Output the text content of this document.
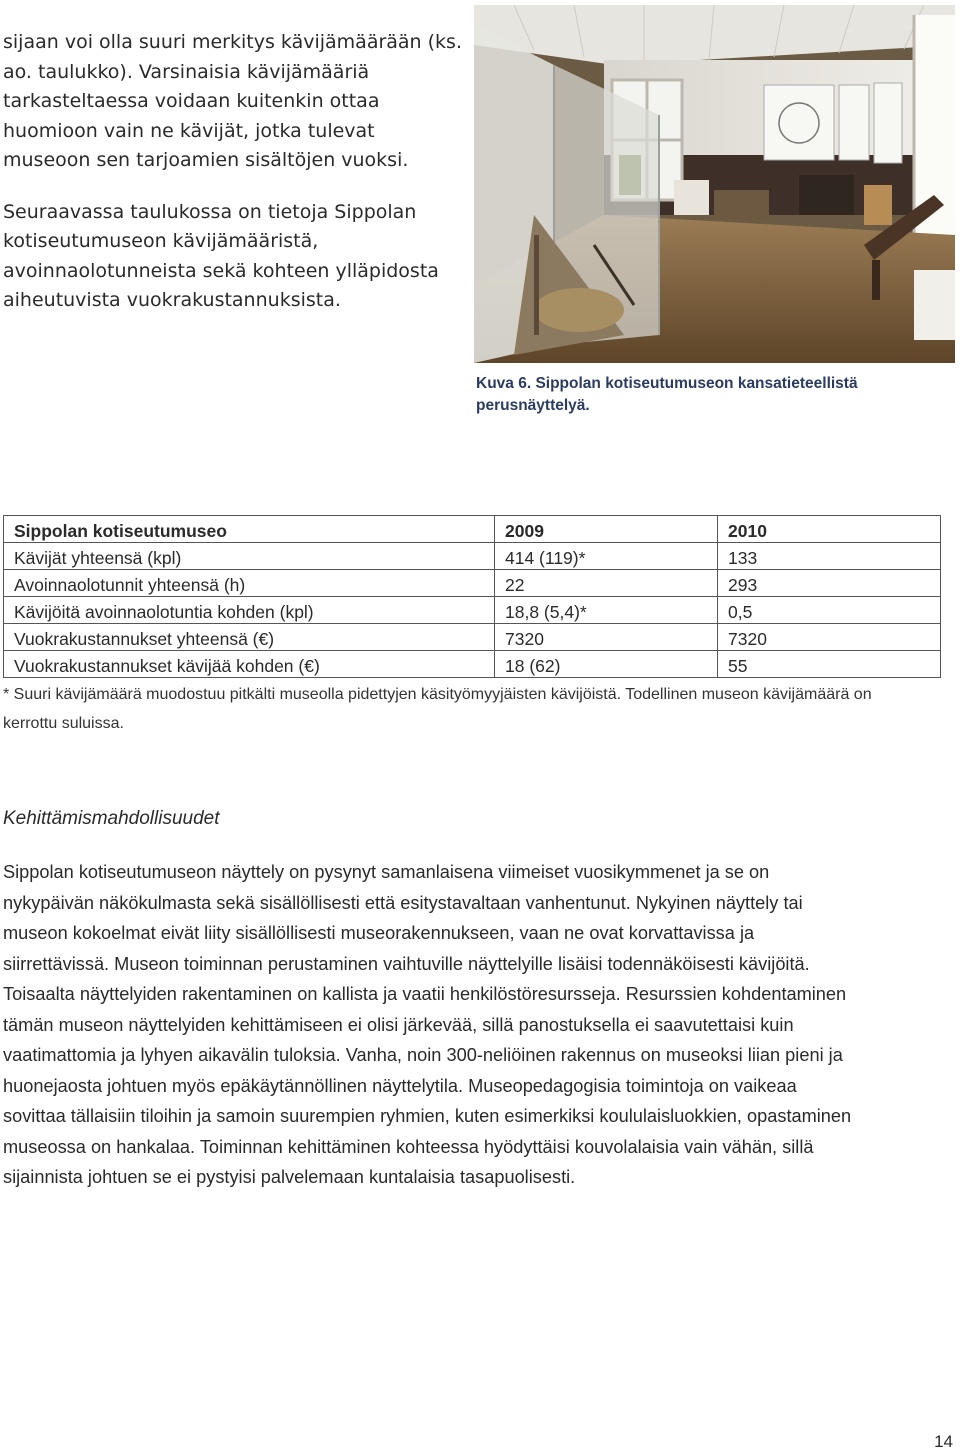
sijaan voi olla suuri merkitys kävijämäärään (ks. ao. taulukko). Varsinaisia kävijämääriä tarkasteltaessa voidaan kuitenkin ottaa huomioon vain ne kävijät, jotka tulevat museoon sen tarjoamien sisältöjen vuoksi.

Seuraavassa taulukossa on tietoja Sippolan kotiseutumuseon kävijämääristä, avoinnaolotunneista sekä kohteen ylläpidosta aiheutuvista vuokrakustannuksista.

Kuva 6. Sippolan kotiseutumuseon kansatieteellistä perusnäyttelyä.
Sippolan kotiseutumuseo	2009	2010
Kävijät yhteensä (kpl)	414 (119)*	133
Avoinnaolotunnit yhteensä (h)	22	293
Kävijöitä avoinnaolotuntia kohden (kpl)	18,8 (5,4)*	0,5
Vuokrakustannukset yhteensä (€)	7320	7320
Vuokrakustannukset kävijää kohden (€)	18 (62)	55
* Suuri kävijämäärä muodostuu pitkälti museolla pidettyjen käsityömyyjäisten kävijöistä. Todellinen museon kävijämäärä on kerrottu suluissa.
Kehittämismahdollisuudet
Sippolan kotiseutumuseon näyttely on pysynyt samanlaisena viimeiset vuosikymmenet ja se on
nykypäivän näkökulmasta sekä sisällöllisesti että esitystavaltaan vanhentunut. Nykyinen näyttely tai
museon kokoelmat eivät liity sisällöllisesti museorakennukseen, vaan ne ovat korvattavissa ja
siirrettävissä. Museon toiminnan perustaminen vaihtuville näyttelyille lisäisi todennäköisesti kävijöitä.
Toisaalta näyttelyiden rakentaminen on kallista ja vaatii henkilöstöresursseja. Resurssien kohdentaminen
tämän museon näyttelyiden kehittämiseen ei olisi järkevää, sillä panostuksella ei saavutettaisi kuin
vaatimattomia ja lyhyen aikavälin tuloksia. Vanha, noin 300-neliöinen rakennus on museoksi liian pieni ja
huonejaosta johtuen myös epäkäytännöllinen näyttelytila. Museopedagogisia toimintoja on vaikeaa
sovittaa tällaisiin tiloihin ja samoin suurempien ryhmien, kuten esimerkiksi koululaisluokkien, opastaminen
museossa on hankalaa. Toiminnan kehittäminen kohteessa hyödyttäisi kouvolalaisia vain vähän, sillä
sijainnista johtuen se ei pystyisi palvelemaan kuntalaisia tasapuolisesti.
14
